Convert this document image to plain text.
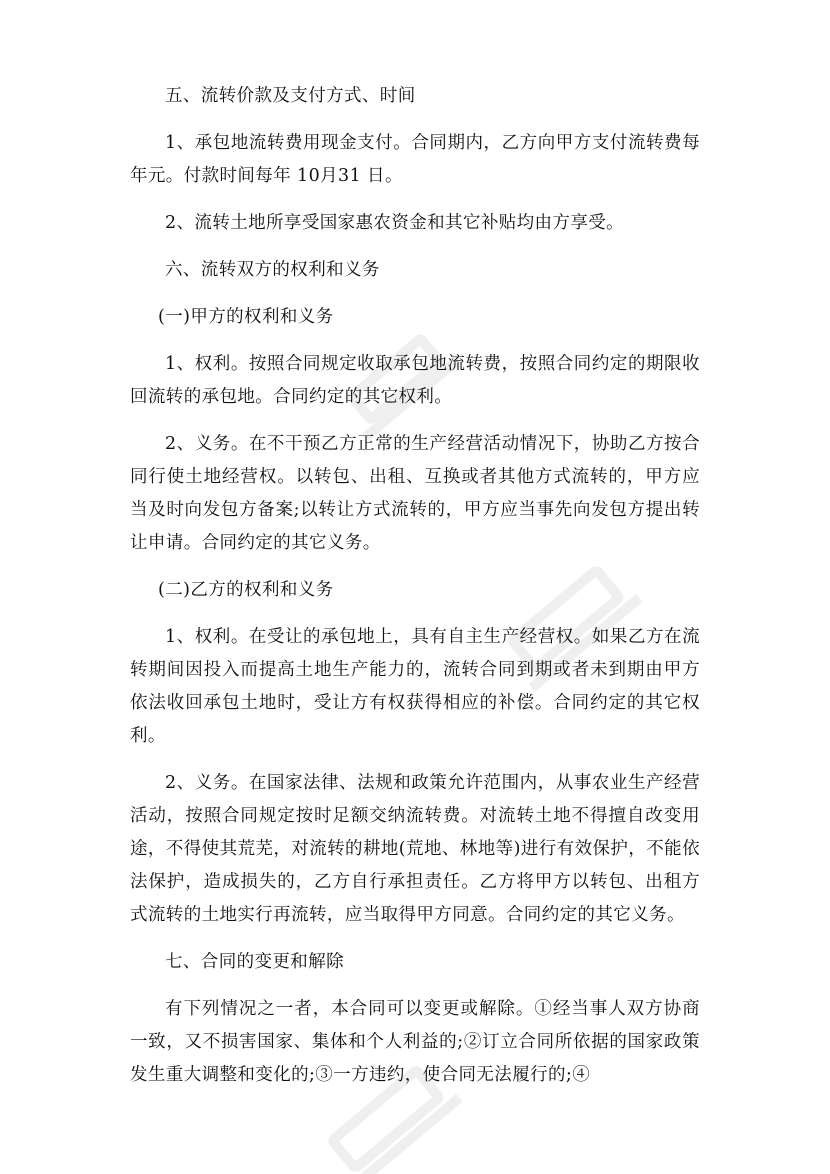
五、流转价款及支付方式、时间

1、承包地流转费用现金支付。合同期内，乙方向甲方支付流转费每年元。付款时间每年 10月31 日。

2、流转土地所享受国家惠农资金和其它补贴均由方享受。

六、流转双方的权利和义务

(一)甲方的权利和义务

1、权利。按照合同规定收取承包地流转费，按照合同约定的期限收回流转的承包地。合同约定的其它权利。

2、义务。在不干预乙方正常的生产经营活动情况下，协助乙方按合同行使土地经营权。以转包、出租、互换或者其他方式流转的，甲方应当及时向发包方备案;以转让方式流转的，甲方应当事先向发包方提出转让申请。合同约定的其它义务。

(二)乙方的权利和义务

1、权利。在受让的承包地上，具有自主生产经营权。如果乙方在流转期间因投入而提高土地生产能力的，流转合同到期或者未到期由甲方依法收回承包土地时，受让方有权获得相应的补偿。合同约定的其它权利。

2、义务。在国家法律、法规和政策允许范围内，从事农业生产经营活动，按照合同规定按时足额交纳流转费。对流转土地不得擅自改变用途，不得使其荒芜，对流转的耕地(荒地、林地等)进行有效保护，不能依法保护，造成损失的，乙方自行承担责任。乙方将甲方以转包、出租方式流转的土地实行再流转，应当取得甲方同意。合同约定的其它义务。

七、合同的变更和解除

有下列情况之一者，本合同可以变更或解除。①经当事人双方协商一致，又不损害国家、集体和个人利益的;②订立合同所依据的国家政策发生重大调整和变化的;③一方违约，使合同无法履行的;④
